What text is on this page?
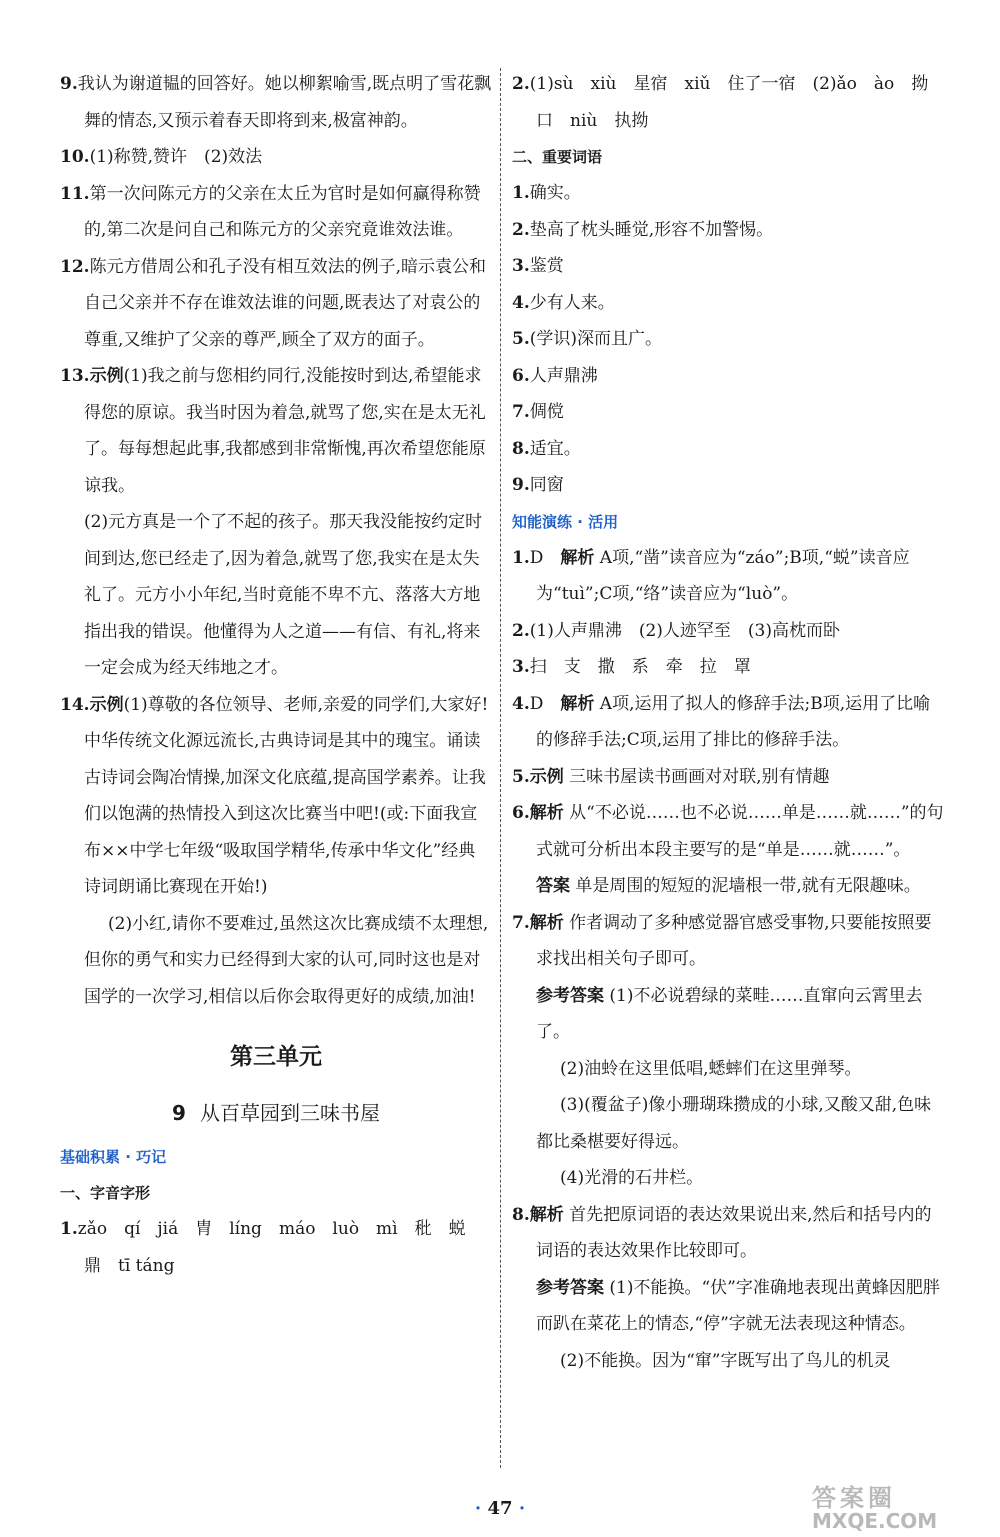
9.我认为谢道韫的回答好。她以柳絮喻雪,既点明了雪花飘舞的情态,又预示着春天即将到来,极富神韵。

10.(1)称赞,赞许　(2)效法

11.第一次问陈元方的父亲在太丘为官时是如何赢得称赞的,第二次是问自己和陈元方的父亲究竟谁效法谁。

12.陈元方借周公和孔子没有相互效法的例子,暗示袁公和自己父亲并不存在谁效法谁的问题,既表达了对袁公的尊重,又维护了父亲的尊严,顾全了双方的面子。

13.示例(1)我之前与您相约同行,没能按时到达,希望能求得您的原谅。我当时因为着急,就骂了您,实在是太无礼了。每每想起此事,我都感到非常惭愧,再次希望您能原谅我。

(2)元方真是一个了不起的孩子。那天我没能按约定时间到达,您已经走了,因为着急,就骂了您,我实在是太失礼了。元方小小年纪,当时竟能不卑不亢、落落大方地指出我的错误。他懂得为人之道——有信、有礼,将来一定会成为经天纬地之才。

14.示例(1)尊敬的各位领导、老师,亲爱的同学们,大家好!中华传统文化源远流长,古典诗词是其中的瑰宝。诵读古诗词会陶冶情操,加深文化底蕴,提高国学素养。让我们以饱满的热情投入到这次比赛当中吧!(或:下面我宣布××中学七年级“吸取国学精华,传承中华文化”经典诗词朗诵比赛现在开始!)

(2)小红,请你不要难过,虽然这次比赛成绩不太理想,但你的勇气和实力已经得到大家的认可,同时这也是对国学的一次学习,相信以后你会取得更好的成绩,加油!

第三单元
9 从百草园到三味书屋
基础积累 · 巧记
一、字音字形

1.zǎo　qí　jiá　胄　líng　máo　luò　mì　秕　蜕　鼎　tī táng

2.(1)sù　xiù　星宿　xiǔ　住了一宿　(2)ǎo　ào　拗口　niù　执拗

二、重要词语

1.确实。

2.垫高了枕头睡觉,形容不加警惕。

3.鉴赏

4.少有人来。

5.(学识)深而且广。

6.人声鼎沸

7.倜傥

8.适宜。

9.同窗

知能演练 · 活用

1.D　 解析 A项,“凿”读音应为“záo”;B项,“蜕”读音应为“tuì”;C项,“络”读音应为“luò”。

2.(1)人声鼎沸　(2)人迹罕至　(3)高枕而卧

3.扫　支　撒　系　牵　拉　罩

4.D　 解析 A项,运用了拟人的修辞手法;B项,运用了比喻的修辞手法;C项,运用了排比的修辞手法。

5.示例 三味书屋读书画画对对联,别有情趣

6.解析 从“不必说……也不必说……单是……就……”的句式就可分析出本段主要写的是“单是……就……”。

答案 单是周围的短短的泥墙根一带,就有无限趣味。

7.解析 作者调动了多种感觉器官感受事物,只要能按照要求找出相关句子即可。

参考答案 (1)不必说碧绿的菜畦……直窜向云霄里去了。

(2)油蛉在这里低唱,蟋蟀们在这里弹琴。

(3)(覆盆子)像小珊瑚珠攒成的小球,又酸又甜,色味都比桑椹要好得远。

(4)光滑的石井栏。

8.解析 首先把原词语的表达效果说出来,然后和括号内的词语的表达效果作比较即可。

参考答案 (1)不能换。“伏”字准确地表现出黄蜂因肥胖而趴在菜花上的情态,“停”字就无法表现这种情态。

(2)不能换。因为“窜”字既写出了鸟儿的机灵

· 47 ·	答案圈
MXQE.COM
